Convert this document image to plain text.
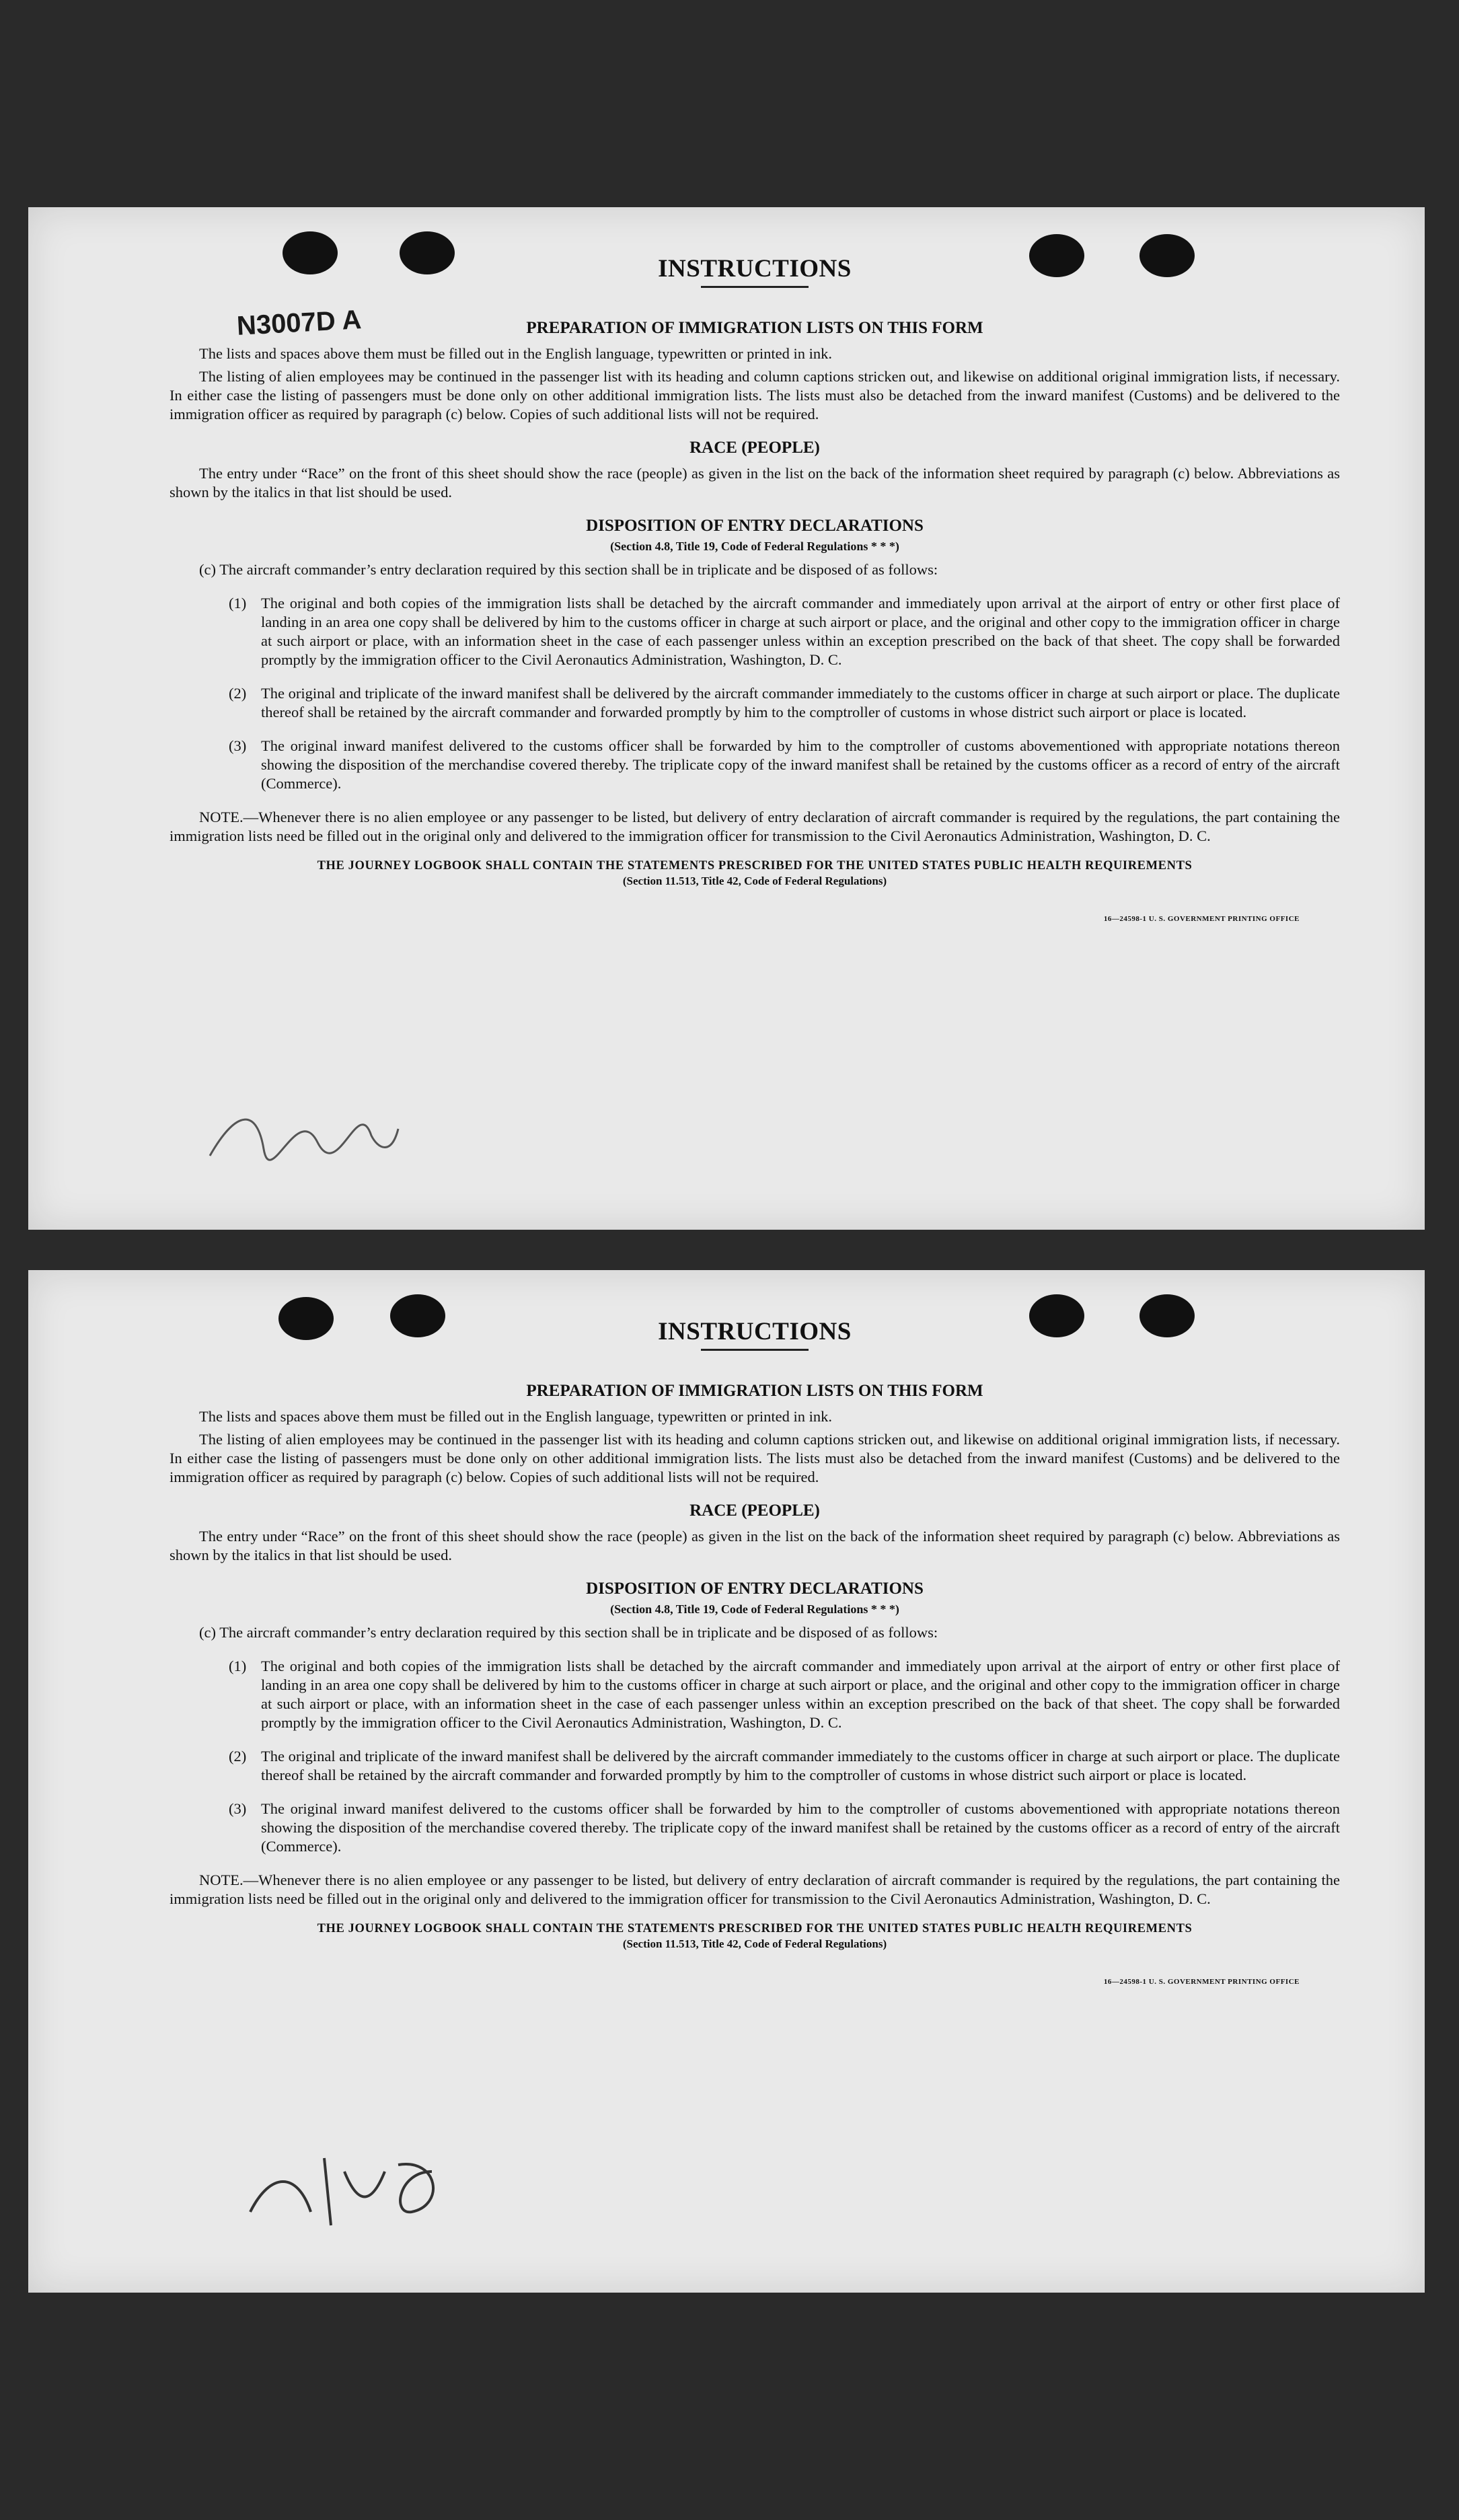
N3007D A
INSTRUCTIONS
PREPARATION OF IMMIGRATION LISTS ON THIS FORM

The lists and spaces above them must be filled out in the English language, typewritten or printed in ink.

The listing of alien employees may be continued in the passenger list with its heading and column captions stricken out, and likewise on additional original immigration lists, if necessary. In either case the listing of passengers must be done only on other additional immigration lists. The lists must also be detached from the inward manifest (Customs) and be delivered to the immigration officer as required by paragraph (c) below. Copies of such additional lists will not be required.

RACE (PEOPLE)

The entry under “Race” on the front of this sheet should show the race (people) as given in the list on the back of the information sheet required by paragraph (c) below. Abbreviations as shown by the italics in that list should be used.

DISPOSITION OF ENTRY DECLARATIONS
(Section 4.8, Title 19, Code of Federal Regulations * * *)
(c) The aircraft commander’s entry declaration required by this section shall be in triplicate and be disposed of as follows:
(1) The original and both copies of the immigration lists shall be detached by the aircraft commander and immediately upon arrival at the airport of entry or other first place of landing in an area one copy shall be delivered by him to the customs officer in charge at such airport or place, and the original and other copy to the immigration officer in charge at such airport or place, with an information sheet in the case of each passenger unless within an exception prescribed on the back of that sheet. The copy shall be forwarded promptly by the immigration officer to the Civil Aeronautics Administration, Washington, D. C.
(2) The original and triplicate of the inward manifest shall be delivered by the aircraft commander immediately to the customs officer in charge at such airport or place. The duplicate thereof shall be retained by the aircraft commander and forwarded promptly by him to the comptroller of customs in whose district such airport or place is located.
(3) The original inward manifest delivered to the customs officer shall be forwarded by him to the comptroller of customs abovementioned with appropriate notations thereon showing the disposition of the merchandise covered thereby. The triplicate copy of the inward manifest shall be retained by the customs officer as a record of entry of the aircraft (Commerce).

NOTE.—Whenever there is no alien employee or any passenger to be listed, but delivery of entry declaration of aircraft commander is required by the regulations, the part containing the immigration lists need be filled out in the original only and delivered to the immigration officer for transmission to the Civil Aeronautics Administration, Washington, D. C.

THE JOURNEY LOGBOOK SHALL CONTAIN THE STATEMENTS PRESCRIBED FOR THE UNITED STATES PUBLIC HEALTH REQUIREMENTS
(Section 11.513, Title 42, Code of Federal Regulations)
16—24598-1 U. S. GOVERNMENT PRINTING OFFICE
INSTRUCTIONS
PREPARATION OF IMMIGRATION LISTS ON THIS FORM

The lists and spaces above them must be filled out in the English language, typewritten or printed in ink.

The listing of alien employees may be continued in the passenger list with its heading and column captions stricken out, and likewise on additional original immigration lists, if necessary. In either case the listing of passengers must be done only on other additional immigration lists. The lists must also be detached from the inward manifest (Customs) and be delivered to the immigration officer as required by paragraph (c) below. Copies of such additional lists will not be required.

RACE (PEOPLE)

The entry under “Race” on the front of this sheet should show the race (people) as given in the list on the back of the information sheet required by paragraph (c) below. Abbreviations as shown by the italics in that list should be used.

DISPOSITION OF ENTRY DECLARATIONS
(Section 4.8, Title 19, Code of Federal Regulations * * *)
(c) The aircraft commander’s entry declaration required by this section shall be in triplicate and be disposed of as follows:
(1) The original and both copies of the immigration lists shall be detached by the aircraft commander and immediately upon arrival at the airport of entry or other first place of landing in an area one copy shall be delivered by him to the customs officer in charge at such airport or place, and the original and other copy to the immigration officer in charge at such airport or place, with an information sheet in the case of each passenger unless within an exception prescribed on the back of that sheet. The copy shall be forwarded promptly by the immigration officer to the Civil Aeronautics Administration, Washington, D. C.
(2) The original and triplicate of the inward manifest shall be delivered by the aircraft commander immediately to the customs officer in charge at such airport or place. The duplicate thereof shall be retained by the aircraft commander and forwarded promptly by him to the comptroller of customs in whose district such airport or place is located.
(3) The original inward manifest delivered to the customs officer shall be forwarded by him to the comptroller of customs abovementioned with appropriate notations thereon showing the disposition of the merchandise covered thereby. The triplicate copy of the inward manifest shall be retained by the customs officer as a record of entry of the aircraft (Commerce).

NOTE.—Whenever there is no alien employee or any passenger to be listed, but delivery of entry declaration of aircraft commander is required by the regulations, the part containing the immigration lists need be filled out in the original only and delivered to the immigration officer for transmission to the Civil Aeronautics Administration, Washington, D. C.

THE JOURNEY LOGBOOK SHALL CONTAIN THE STATEMENTS PRESCRIBED FOR THE UNITED STATES PUBLIC HEALTH REQUIREMENTS
(Section 11.513, Title 42, Code of Federal Regulations)
16—24598-1 U. S. GOVERNMENT PRINTING OFFICE
